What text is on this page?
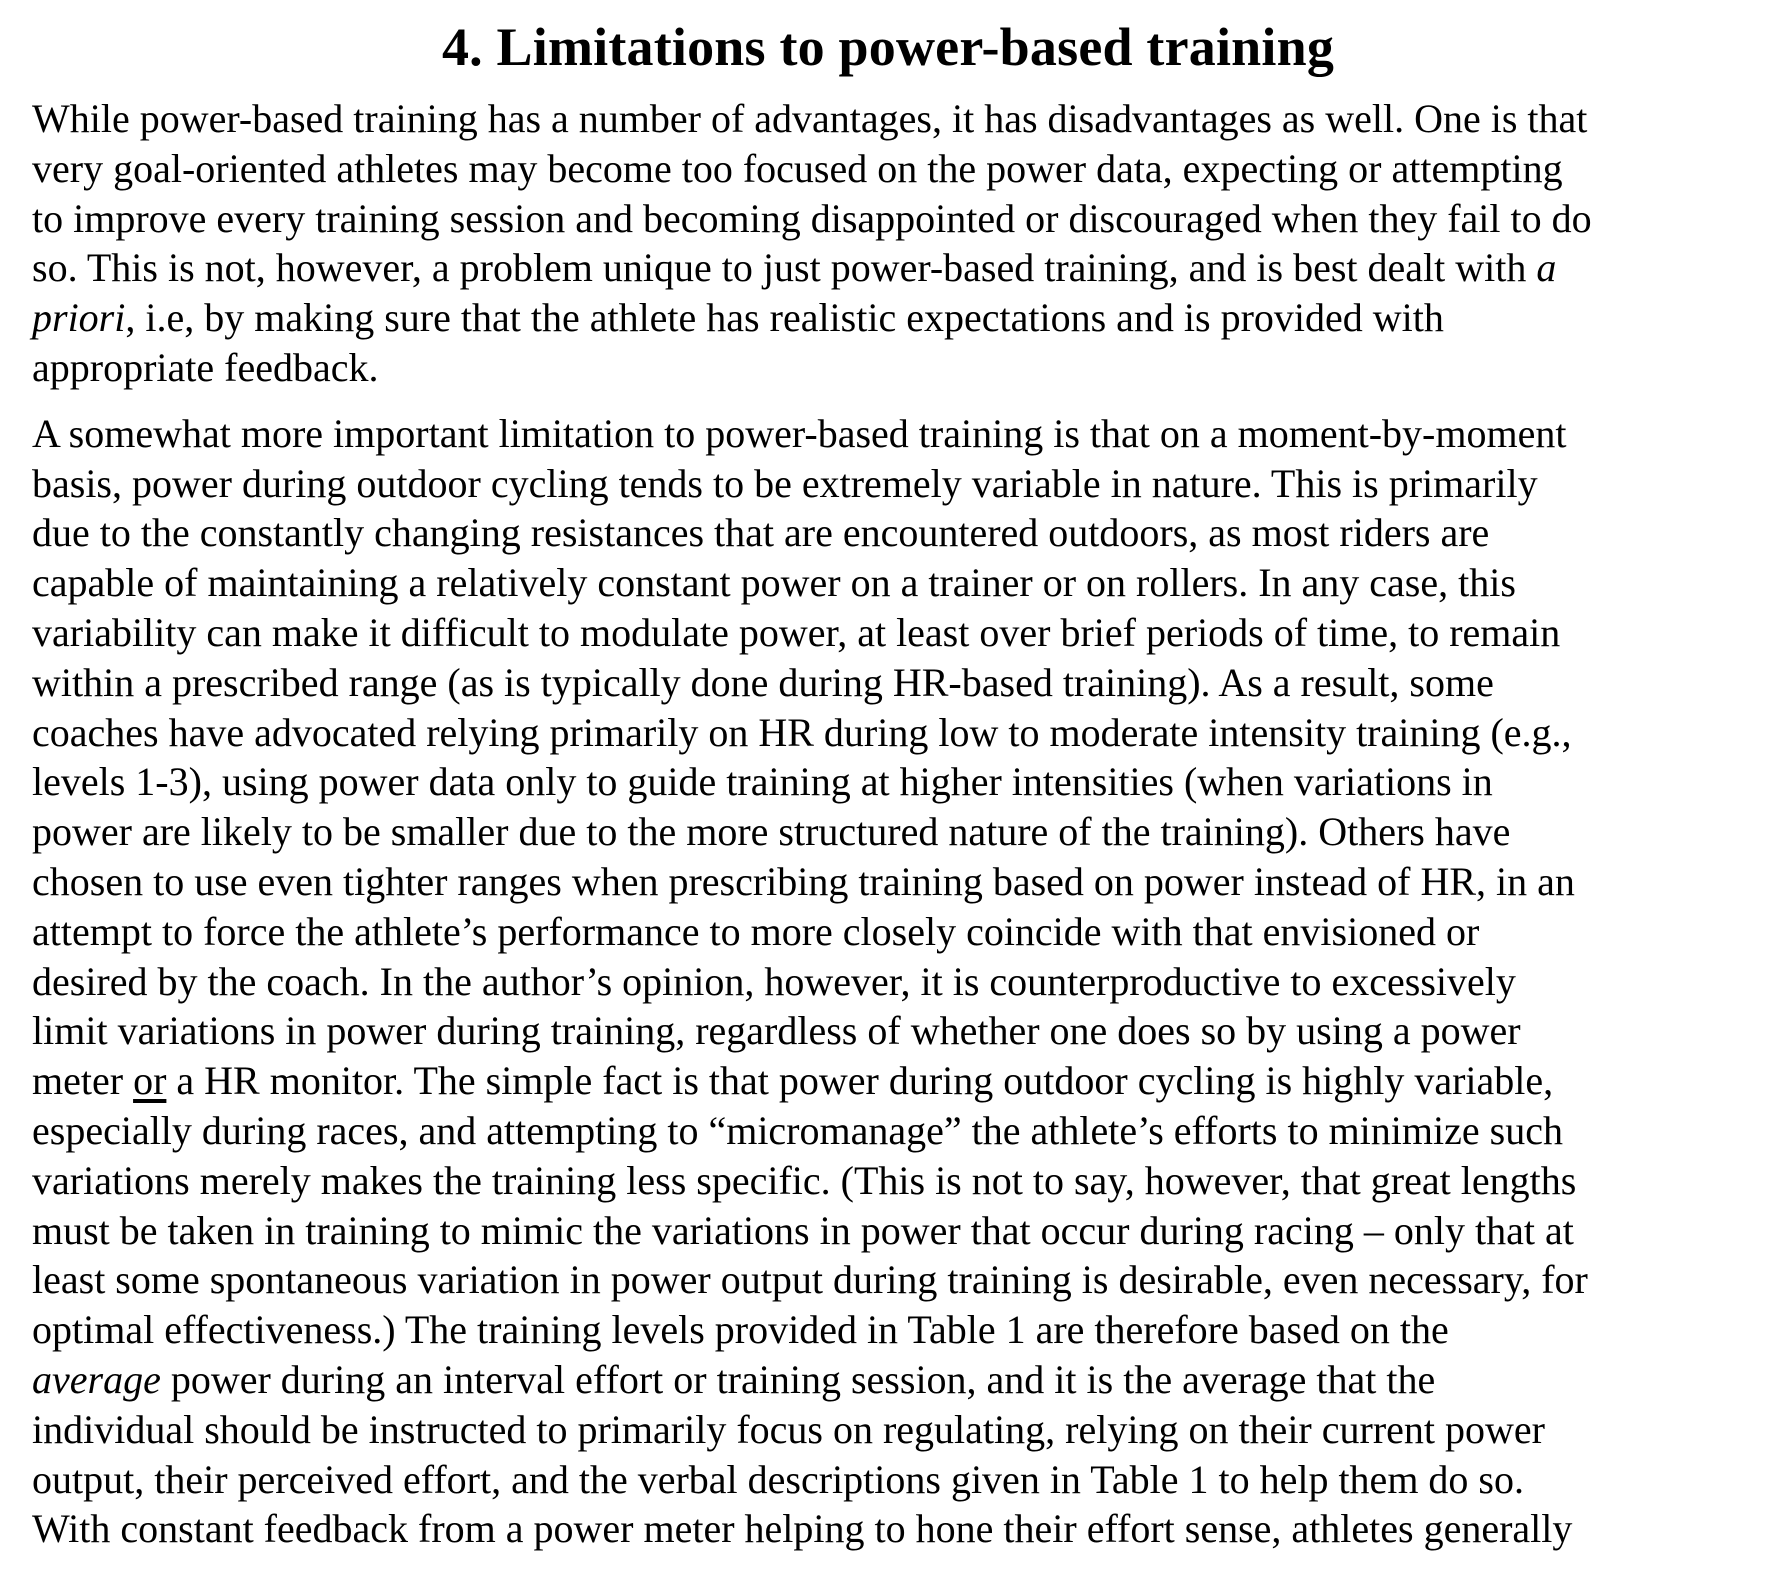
4. Limitations to power-based training
While power-based training has a number of advantages, it has disadvantages as well. One is that
very goal-oriented athletes may become too focused on the power data, expecting or attempting
to improve every training session and becoming disappointed or discouraged when they fail to do
so. This is not, however, a problem unique to just power-based training, and is best dealt with a
priori, i.e, by making sure that the athlete has realistic expectations and is provided with
appropriate feedback.
A somewhat more important limitation to power-based training is that on a moment-by-moment
basis, power during outdoor cycling tends to be extremely variable in nature. This is primarily
due to the constantly changing resistances that are encountered outdoors, as most riders are
capable of maintaining a relatively constant power on a trainer or on rollers. In any case, this
variability can make it difficult to modulate power, at least over brief periods of time, to remain
within a prescribed range (as is typically done during HR-based training). As a result, some
coaches have advocated relying primarily on HR during low to moderate intensity training (e.g.,
levels 1-3), using power data only to guide training at higher intensities (when variations in
power are likely to be smaller due to the more structured nature of the training). Others have
chosen to use even tighter ranges when prescribing training based on power instead of HR, in an
attempt to force the athlete’s performance to more closely coincide with that envisioned or
desired by the coach. In the author’s opinion, however, it is counterproductive to excessively
limit variations in power during training, regardless of whether one does so by using a power
meter or a HR monitor. The simple fact is that power during outdoor cycling is highly variable,
especially during races, and attempting to “micromanage” the athlete’s efforts to minimize such
variations merely makes the training less specific. (This is not to say, however, that great lengths
must be taken in training to mimic the variations in power that occur during racing – only that at
least some spontaneous variation in power output during training is desirable, even necessary, for
optimal effectiveness.) The training levels provided in Table 1 are therefore based on the
average power during an interval effort or training session, and it is the average that the
individual should be instructed to primarily focus on regulating, relying on their current power
output, their perceived effort, and the verbal descriptions given in Table 1 to help them do so.
With constant feedback from a power meter helping to hone their effort sense, athletes generally
